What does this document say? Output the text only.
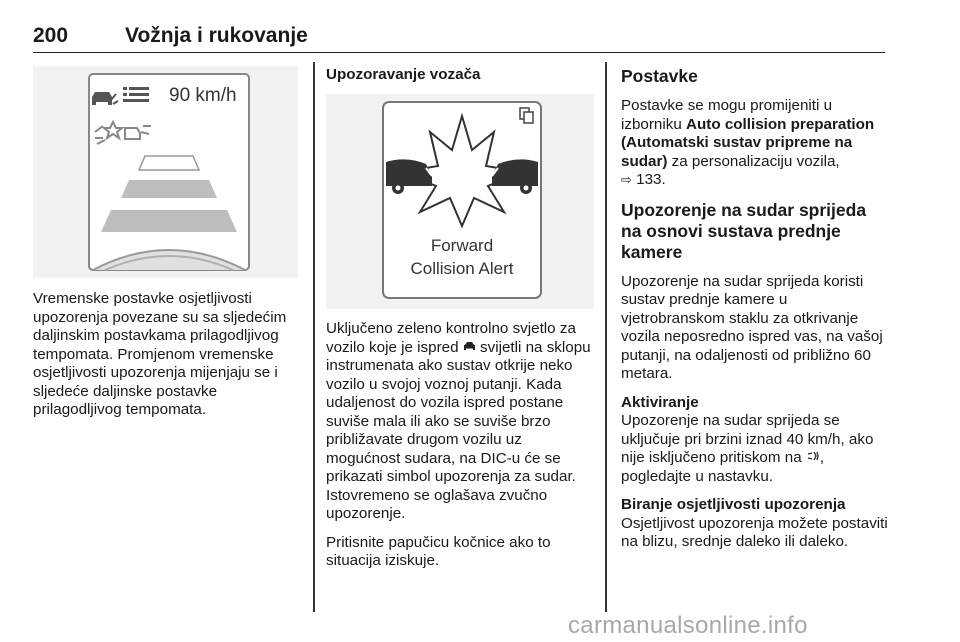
200	Vožnja i rukovanje
90 km/h

Vremenske postavke osjetljivosti upozorenja povezane su sa sljedećim daljinskim postavkama prilagodljivog tempomata. Promjenom vremenske osjetljivosti upozorenja mijenjaju se i sljedeće daljinske postavke prilagodljivog tempomata.

Upozoravanje vozača

Forward
Collision Alert

Uključeno zeleno kontrolno svjetlo za vozilo koje je ispred svijetli na sklopu instrumenata ako sustav otkrije neko vozilo u svojoj voznoj putanji. Kada udaljenost do vozila ispred postane suviše mala ili ako se suviše brzo približavate drugom vozilu uz mogućnost sudara, na DIC-u će se prikazati simbol upozorenja za sudar. Istovremeno se oglašava zvučno upozorenje.

Pritisnite papučicu kočnice ako to situacija iziskuje.

Postavke

Postavke se mogu promijeniti u izborniku Auto collision preparation (Automatski sustav pripreme na sudar) za personalizaciju vozila,
⇨ 133.

Upozorenje na sudar sprijeda na osnovi sustava prednje kamere

Upozorenje na sudar sprijeda koristi sustav prednje kamere u vjetrobranskom staklu za otkrivanje vozila neposredno ispred vas, na vašoj putanji, na odaljenosti od približno 60 metara.

Aktiviranje

Upozorenje na sudar sprijeda se uključuje pri brzini iznad 40 km/h, ako nije isključeno pritiskom na , pogledajte u nastavku.

Biranje osjetljivosti upozorenja

Osjetljivost upozorenja možete postaviti na blizu, srednje daleko ili daleko.

carmanualsonline.info
